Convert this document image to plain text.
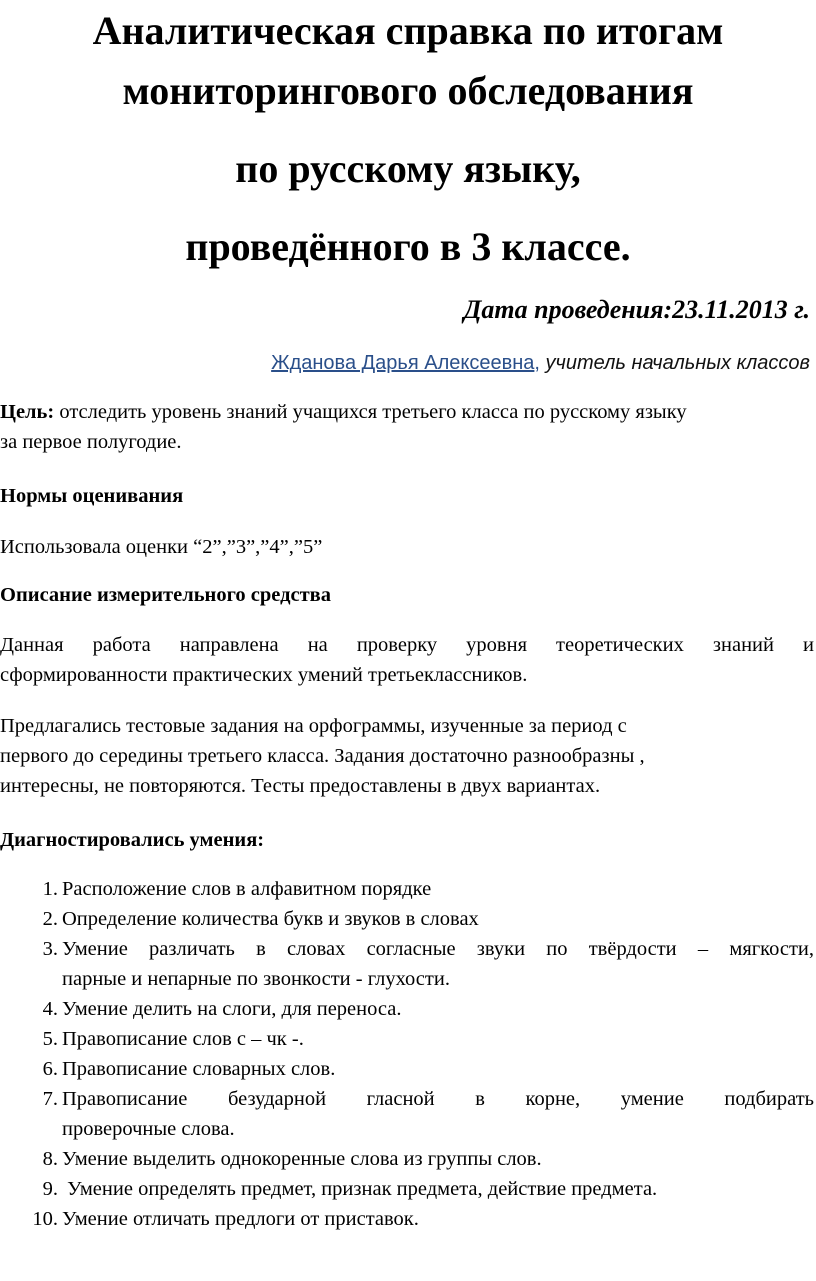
Аналитическая справка по итогам
мониторингового обследования
по русскому языку,
проведённого в 3 классе.
Дата проведения:23.11.2013 г.
Жданова Дарья Алексеевна, учитель начальных классов
Цель: отследить уровень знаний учащихся третьего класса по русскому языку
за первое полугодие.
Нормы оценивания
Использовала оценки “2”,”3”,”4”,”5”
Описание измерительного средства
Данная работа направлена на проверку уровня теоретических знаний и
сформированности практических умений третьеклассников.
Предлагались тестовые задания на орфограммы, изученные за период с
первого до середины третьего класса. Задания достаточно разнообразны ,
интересны, не повторяются. Тесты предоставлены в двух вариантах.
Диагностировались умения:
1. Расположение слов в алфавитном порядке
2. Определение количества букв и звуков в словах
3. Умение различать в словах согласные звуки по твёрдости – мягкости,
парные и непарные по звонкости - глухости.
4. Умение делить на слоги, для переноса.
5. Правописание слов с – чк -.
6. Правописание словарных слов.
7. Правописание безударной гласной в корне, умение подбирать
проверочные слова.
8. Умение выделить однокоренные слова из группы слов.
9. Умение определять предмет, признак предмета, действие предмета.
10. Умение отличать предлоги от приставок.
